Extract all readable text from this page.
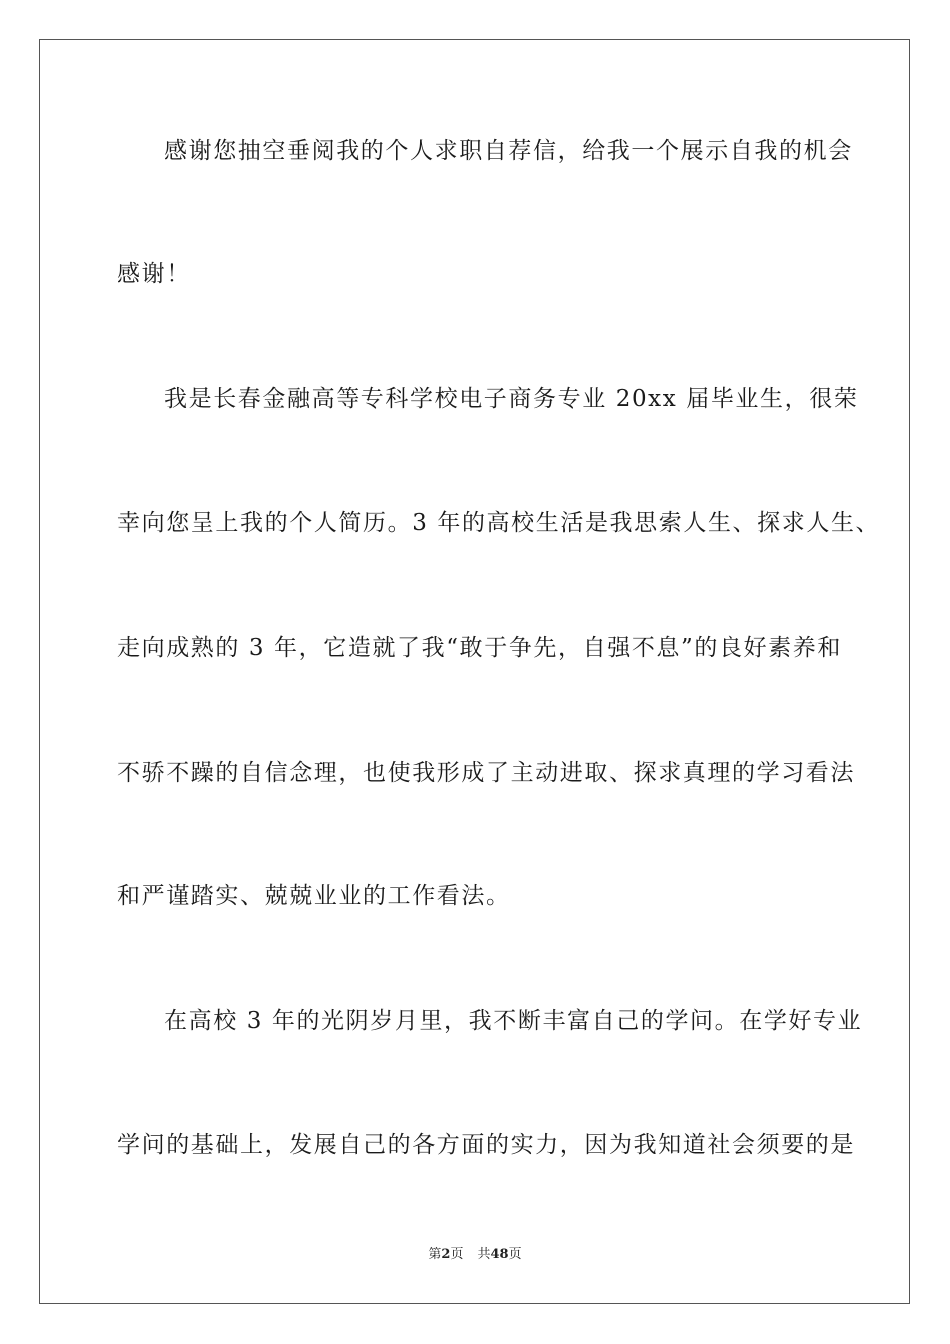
感谢您抽空垂阅我的个人求职自荐信，给我一个展示自我的机会
感谢！
我是长春金融高等专科学校电子商务专业 20xx 届毕业生，很荣
幸向您呈上我的个人简历。3 年的高校生活是我思索人生、探求人生、
走向成熟的 3 年，它造就了我“敢于争先，自强不息”的良好素养和
不骄不躁的自信念理，也使我形成了主动进取、探求真理的学习看法
和严谨踏实、兢兢业业的工作看法。
在高校 3 年的光阴岁月里，我不断丰富自己的学问。在学好专业
学问的基础上，发展自己的各方面的实力，因为我知道社会须要的是
第2页 共48页
